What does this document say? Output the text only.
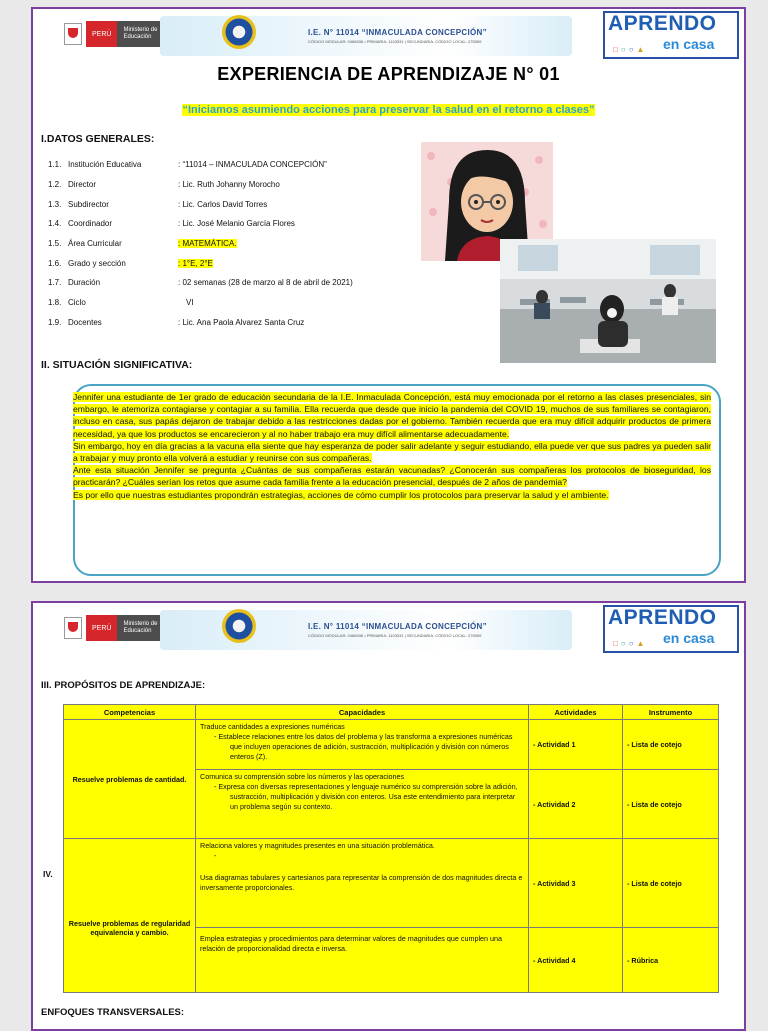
PERÚ
Ministerio de Educación	I.E. N° 11014 “INMACULADA CONCEPCIÓN”
CÓDIGO MODULAR: 0466536 • PRIMARIA: 1103331 | SECUNDARIA: CÓDIGO LOCAL: 275559
APRENDO
□○○▲ en casa
EXPERIENCIA DE APRENDIZAJE N° 01
“Iniciamos asumiendo acciones para preservar la salud en el retorno a clases”
I.DATOS GENERALES:
1.1. Institución Educativa	: “11014 – INMACULADA CONCEPCIÓN”
1.2. Director	: Lic. Ruth Johanny Morocho
1.3. Subdirector	: Lic. Carlos David Torres
1.4. Coordinador	: Lic. José Melanio García Flores
1.5. Área Curricular	: MATEMÁTICA.
1.6. Grado y sección	: 1°E, 2°E
1.7. Duración	: 02 semanas (28 de marzo al 8 de abril de 2021)
1.8. Ciclo	VI
1.9. Docentes	: Lic. Ana Paola Alvarez Santa Cruz
II. SITUACIÓN SIGNIFICATIVA:

Jennifer una estudiante de 1er grado de educación secundaria de la I.E. Inmaculada Concepción, está muy emocionada por el retorno a las clases presenciales, sin embargo, le atemoriza contagiarse y contagiar a su familia. Ella recuerda que desde que inicio la pandemia del COVID 19, muchos de sus familiares se contagiaron, incluso en casa, sus papás dejaron de trabajar debido a las restricciones dadas por el gobierno. También recuerda que era muy difícil adquirir productos de primera necesidad, ya que los productos se encarecieron y al no haber trabajo era muy difícil alimentarse adecuadamente.

Sin embargo, hoy en día gracias a la vacuna ella siente que hay esperanza de poder salir adelante y seguir estudiando, ella puede ver que sus padres ya pueden salir a trabajar y muy pronto ella volverá a estudiar y reunirse con sus compañeras.

Ante esta situación Jennifer se pregunta ¿Cuántas de sus compañeras estarán vacunadas? ¿Conocerán sus compañeras los protocolos de bioseguridad, los practicarán? ¿Cuáles serían los retos que asume cada familia frente a la educación presencial, después de 2 años de pandemia?

Es por ello que nuestras estudiantes propondrán estrategias, acciones de cómo cumplir los protocolos para preservar la salud y el ambiente.

PERÚ
Ministerio de Educación	I.E. N° 11014 “INMACULADA CONCEPCIÓN”
CÓDIGO MODULAR: 0466536 • PRIMARIA: 1103331 | SECUNDARIA: CÓDIGO LOCAL: 275559
APRENDO
□○○▲ en casa
III. PROPÓSITOS DE APRENDIZAJE:
IV.
Competencias	Capacidades	Actividades	Instrumento
Resuelve problemas de cantidad.	Traduce cantidades a expresiones numéricas
- Establece relaciones entre los datos del problema y las transforma a expresiones numéricas que incluyen operaciones de adición, sustracción, multiplicación y división con números enteros (Z).	- Actividad 1	- Lista de cotejo
	Comunica su comprensión sobre los números y las operaciones
- Expresa con diversas representaciones y lenguaje numérico su comprensión sobre la adición, sustracción, multiplicación y división con enteros. Usa este entendimiento para interpretar un problema según su contexto.	- Actividad 2	- Lista de cotejo
Resuelve problemas de regularidad equivalencia y cambio.	Relaciona valores y magnitudes presentes en una situación problemática.
-
Usa diagramas tabulares y cartesianos para representar la comprensión de dos magnitudes directa e inversamente proporcionales.	- Actividad 3	- Lista de cotejo
	Emplea estrategias y procedimientos para determinar valores de magnitudes que cumplen una relación de proporcionalidad directa e inversa.	- Actividad 4	- Rúbrica
ENFOQUES TRANSVERSALES:
